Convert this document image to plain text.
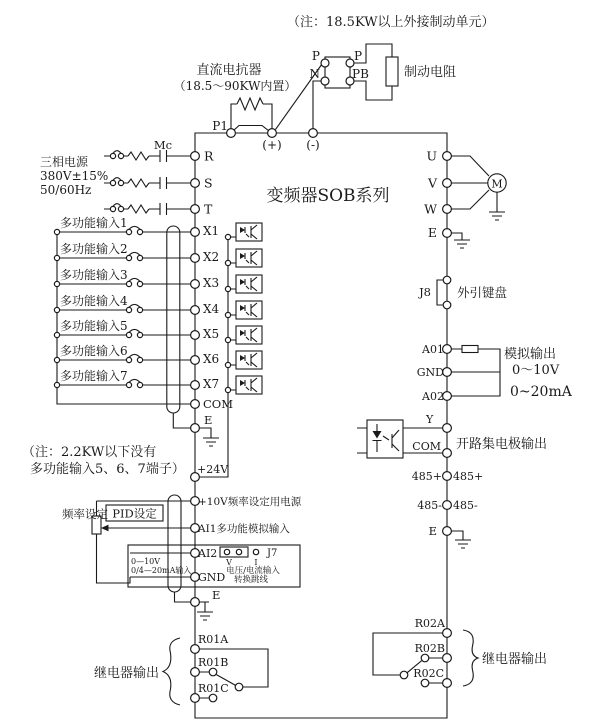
（注：18.5KW以上外接制动单元）
直流电抗器
（18.5～90KW内置）
P
N
P
PB	制动电阻
变频器SOB系列
P1
(+) (-)
三相电源
380V±15%
50/60Hz
Mc
R
S
T
多功能输入1
X1
多功能输入2
X2
多功能输入3
X3
多功能输入4
X4
多功能输入5
X5
多功能输入6
X6
多功能输入7
X7
COM
E
+24V
（注：2.2KW以下没有
多功能输入5、6、7端子）
+10V频率设定用电源
AI1多功能模拟输入
频率设定 PID设定
AI2
GND
0—10V
0/4—20mA输入
V	I
J7
电压/电流输入
转换跳线
E
R01A
R01B
R01C
继电器输出
M
U
V
W
E
J8 外引键盘
A01
GND
A02
模拟输出
0～10V
0~20mA
Y
COM 开路集电极输出
485+ 485+
485- 485-
E
R02A
R02B
R02C
继电器输出
